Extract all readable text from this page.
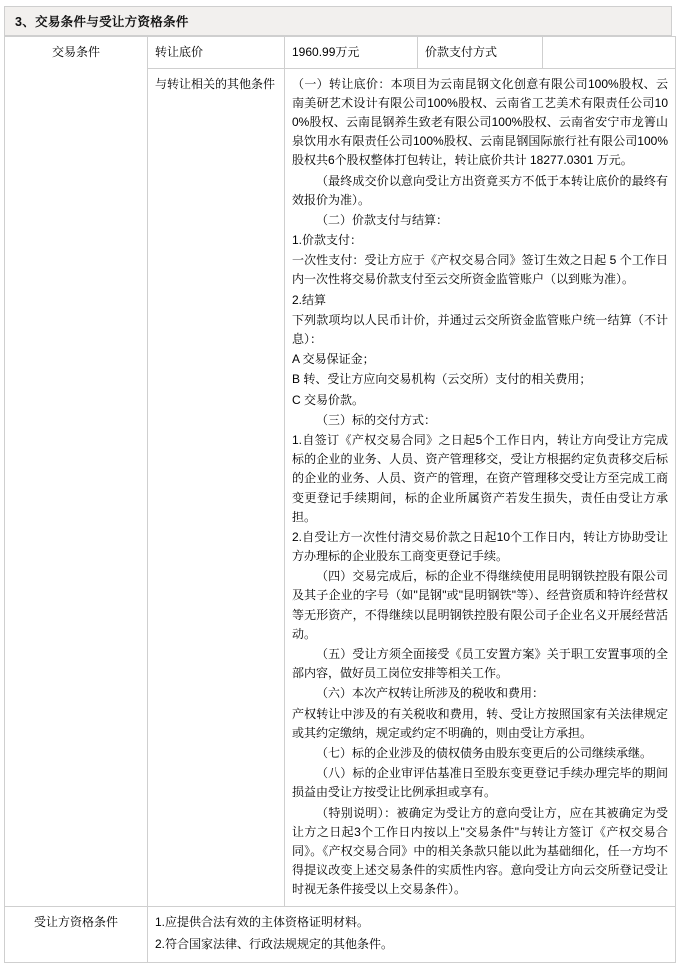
3、交易条件与受让方资格条件
交易条件	转让底价	1960.99万元	价款支付方式	
与转让相关的其他条件	（一）转让底价：本项目为云南昆钢文化创意有限公司100%股权、云南美研艺术设计有限公司100%股权、云南省工艺美术有限责任公司100%股权、云南昆钢养生致老有限公司100%股权、云南省安宁市龙箐山泉饮用水有限责任公司100%股权、云南昆钢国际旅行社有限公司100%股权共6个股权整体打包转让，转让底价共计 18277.0301 万元。

（最终成交价以意向受让方出资竟买方不低于本转让底价的最终有效报价为准）。

（二）价款支付与结算：

1.价款支付：

一次性支付：受让方应于《产权交易合同》签订生效之日起 5 个工作日内一次性将交易价款支付至云交所资金监管账户（以到账为准）。

2.结算

下列款项均以人民币计价，并通过云交所资金监管账户统一结算（不计息）：

A 交易保证金；

B 转、受让方应向交易机构（云交所）支付的相关费用；

C 交易价款。

（三）标的交付方式：

1.自签订《产权交易合同》之日起5个工作日内，转让方向受让方完成标的企业的业务、人员、资产管理移交，受让方根据约定负责移交后标的企业的业务、人员、资产的管理，在资产管理移交受让方至完成工商变更登记手续期间，标的企业所属资产若发生损失，责任由受让方承担。

2.自受让方一次性付清交易价款之日起10个工作日内，转让方协助受让方办理标的企业股东工商变更登记手续。

（四）交易完成后，标的企业不得继续使用昆明钢铁控股有限公司及其子企业的字号（如"昆钢"或"昆明钢铁"等）、经营资质和特许经营权等无形资产，不得继续以昆明钢铁控股有限公司子企业名义开展经营活动。

（五）受让方须全面接受《员工安置方案》关于职工安置事项的全部内容，做好员工岗位安排等相关工作。

（六）本次产权转让所涉及的税收和费用：

产权转让中涉及的有关税收和费用，转、受让方按照国家有关法律规定或其约定缴纳，规定或约定不明确的，则由受让方承担。

（七）标的企业涉及的债权债务由股东变更后的公司继续承继。

（八）标的企业审评估基准日至股东变更登记手续办理完毕的期间损益由受让方按受让比例承担或享有。

（特别说明）：被确定为受让方的意向受让方，应在其被确定为受让方之日起3个工作日内按以上"交易条件"与转让方签订《产权交易合同》。《产权交易合同》中的相关条款只能以此为基础细化，任一方均不得提议改变上述交易条件的实质性内容。意向受让方向云交所登记受让时视无条件接受以上交易条件）。

受让方资格条件	1.应提供合法有效的主体资格证明材料。

2.符合国家法律、行政法规规定的其他条件。			
